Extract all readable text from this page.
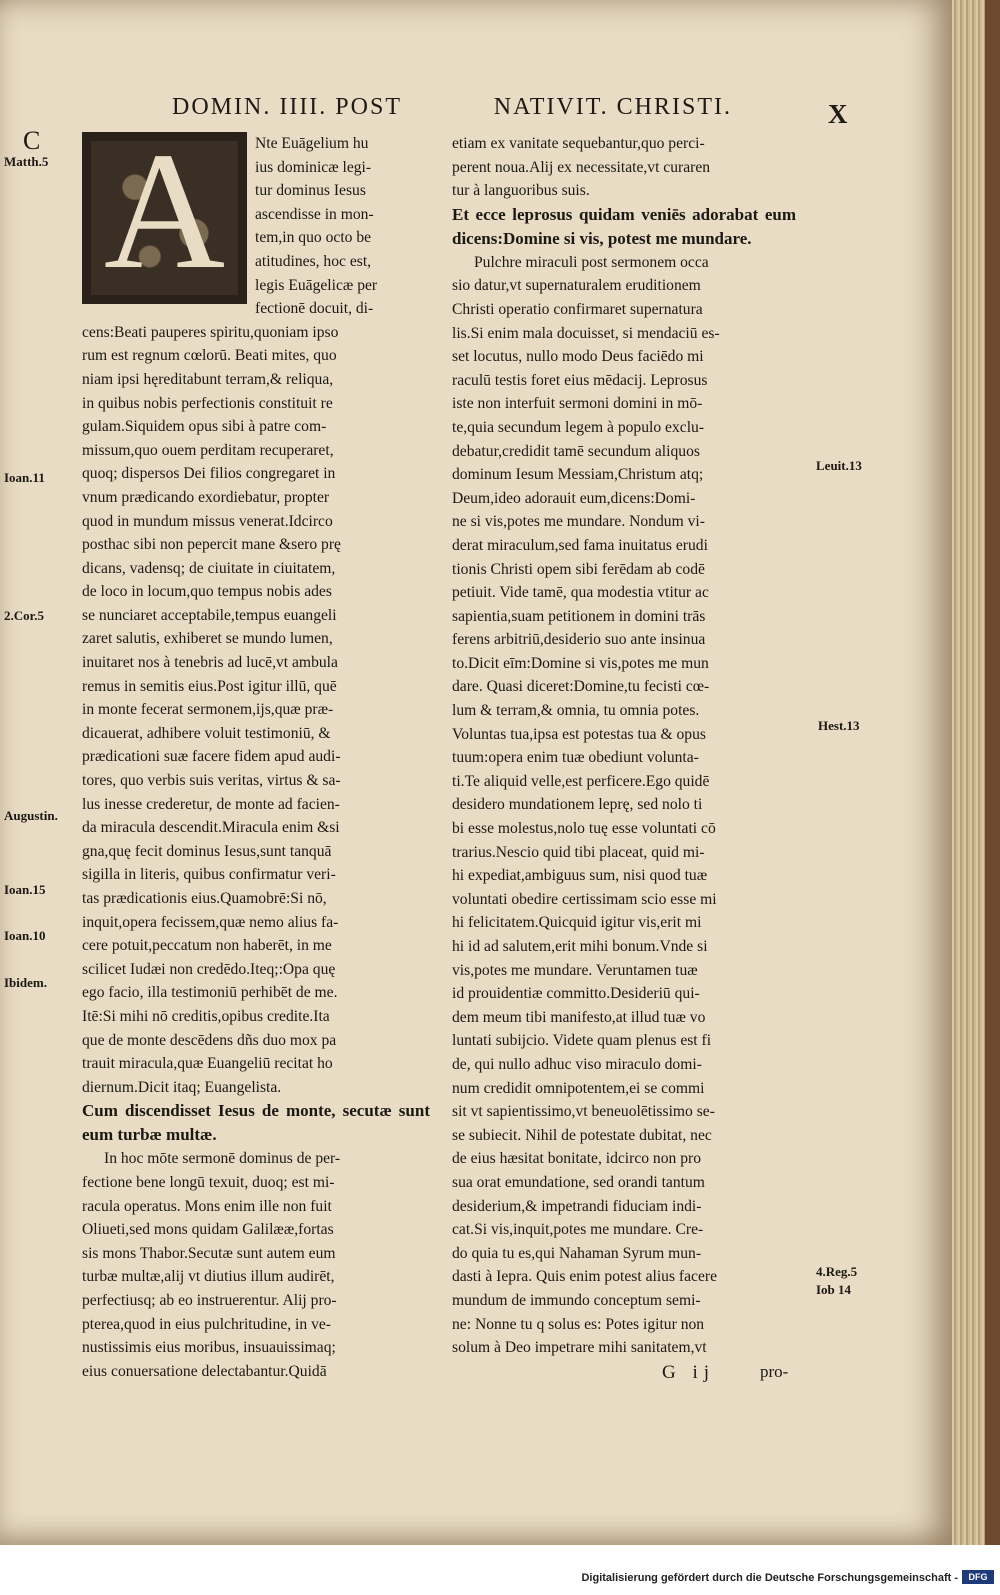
DOMIN. IIII. POST	NATIVIT. CHRISTI.	X
C
Matth.5
Ioan.11
2.Cor.5
Augustin.
Ioan.15
Ioan.10
Ibidem.
Leuit.13
Hest.13
4.Reg.5
Iob 14
A	Nte Euāgelium hu
ius dominicæ legi-
tur dominus Iesus
ascendisse in mon-
tem,in quo octo be
atitudines, hoc est,
legis Euāgelicæ per
fectionē docuit, di-
cens:Beati pauperes spiritu,quoniam ipso
rum est regnum cœlorū. Beati mites, quo
niam ipsi hęreditabunt terram,& reliqua,
in quibus nobis perfectionis constituit re
gulam.Siquidem opus sibi à patre com-
missum,quo ouem perditam recuperaret,
quoq; dispersos Dei filios congregaret in
vnum prædicando exordiebatur, propter
quod in mundum missus venerat.Idcirco
posthac sibi non pepercit mane &sero prę
dicans, vadensq; de ciuitate in ciuitatem,
de loco in locum,quo tempus nobis ades
se nunciaret acceptabile,tempus euangeli
zaret salutis, exhiberet se mundo lumen,
inuitaret nos à tenebris ad lucē,vt ambula
remus in semitis eius.Post igitur illū, quē
in monte fecerat sermonem,ijs,quæ præ-
dicauerat, adhibere voluit testimoniū, &
prædicationi suæ facere fidem apud audi-
tores, quo verbis suis veritas, virtus & sa-
lus inesse crederetur, de monte ad facien-
da miracula descendit.Miracula enim &si
gna,quę fecit dominus Iesus,sunt tanquā
sigilla in literis, quibus confirmatur veri-
tas prædicationis eius.Quamobrē:Si nō,
inquit,opera fecissem,quæ nemo alius fa-
cere potuit,peccatum non haberēt, in me
scilicet Iudæi non credēdo.Iteq;:Opa quę
ego facio, illa testimoniū perhibēt de me.
Itē:Si mihi nō creditis,opibus credite.Ita
que de monte descēdens dñs duo mox pa
trauit miracula,quæ Euangeliū recitat ho
diernum.Dicit itaq; Euangelista.

Cum discendisset Iesus de monte, secutæ sunt eum turbæ multæ.

In hoc mōte sermonē dominus de per-
fectione bene longū texuit, duoq; est mi-
racula operatus. Mons enim ille non fuit
Oliueti,sed mons quidam Galilææ,fortas
sis mons Thabor.Secutæ sunt autem eum
turbæ multæ,alij vt diutius illum audirēt,
perfectiusq; ab eo instruerentur. Alij pro-
pterea,quod in eius pulchritudine, in ve-
nustissimis eius moribus, insuauissimaq;
eius conuersatione delectabantur.Quidā
etiam ex vanitate sequebantur,quo perci-
perent noua.Alij ex necessitate,vt curaren
tur à languoribus suis.

Et ecce leprosus quidam veniēs adorabat eum dicens:Domine si vis, potest me mundare.

Pulchre miraculi post sermonem occa
sio datur,vt supernaturalem eruditionem
Christi operatio confirmaret supernatura
lis.Si enim mala docuisset, si mendaciū es-
set locutus, nullo modo Deus faciēdo mi
raculū testis foret eius mēdacij. Leprosus
iste non interfuit sermoni domini in mō-
te,quia secundum legem à populo exclu-
debatur,credidit tamē secundum aliquos
dominum Iesum Messiam,Christum atq;
Deum,ideo adorauit eum,dicens:Domi-
ne si vis,potes me mundare. Nondum vi-
derat miraculum,sed fama inuitatus erudi
tionis Christi opem sibi ferēdam ab codē
petiuit. Vide tamē, qua modestia vtitur ac
sapientia,suam petitionem in domini trās
ferens arbitriū,desiderio suo ante insinua
to.Dicit eīm:Domine si vis,potes me mun
dare. Quasi diceret:Domine,tu fecisti cœ-
lum & terram,& omnia, tu omnia potes.
Voluntas tua,ipsa est potestas tua & opus
tuum:opera enim tuæ obediunt volunta-
ti.Te aliquid velle,est perficere.Ego quidē
desidero mundationem leprę, sed nolo ti
bi esse molestus,nolo tuę esse voluntati cō
trarius.Nescio quid tibi placeat, quid mi-
hi expediat,ambiguus sum, nisi quod tuæ
voluntati obedire certissimam scio esse mi
hi felicitatem.Quicquid igitur vis,erit mi
hi id ad salutem,erit mihi bonum.Vnde si
vis,potes me mundare. Veruntamen tuæ
id prouidentiæ committo.Desideriū qui-
dem meum tibi manifesto,at illud tuæ vo
luntati subijcio. Videte quam plenus est fi
de, qui nullo adhuc viso miraculo domi-
num credidit omnipotentem,ei se commi
sit vt sapientissimo,vt beneuolētissimo se-
se subiecit. Nihil de potestate dubitat, nec
de eius hæsitat bonitate, idcirco non pro
sua orat emundatione, sed orandi tantum
desiderium,& impetrandi fiduciam indi-
cat.Si vis,inquit,potes me mundare. Cre-
do quia tu es,qui Nahaman Syrum mun-
dasti à Iepra. Quis enim potest alius facere
mundum de immundo conceptum semi-
ne: Nonne tu q solus es: Potes igitur non
solum à Deo impetrare mihi sanitatem,vt
G ij	pro-
Digitalisierung gefördert durch die Deutsche Forschungsgemeinschaft -	DFG
